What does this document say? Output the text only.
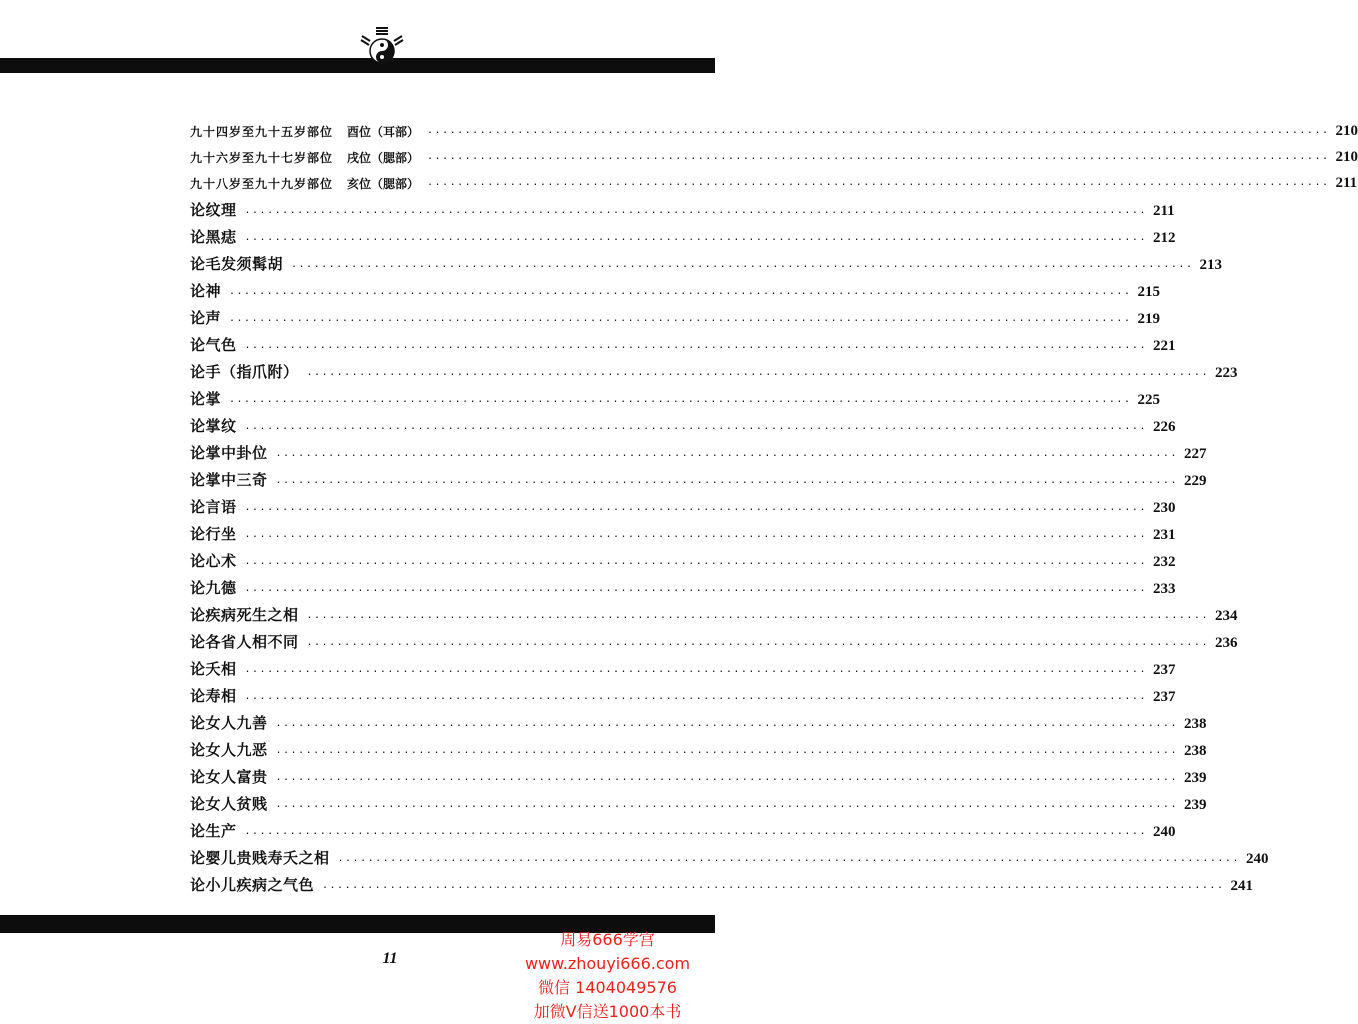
九十四岁至九十五岁部位 酉位（耳部） ........................................................................................................................ 210
九十六岁至九十七岁部位 戌位（腮部） ........................................................................................................................ 210
九十八岁至九十九岁部位 亥位（腮部） ........................................................................................................................ 211
论纹理 ........................................................................................................................ 211
论黑痣 ........................................................................................................................ 212
论毛发须髯胡 ........................................................................................................................ 213
论神 ........................................................................................................................ 215
论声 ........................................................................................................................ 219
论气色 ........................................................................................................................ 221
论手（指爪附） ........................................................................................................................ 223
论掌 ........................................................................................................................ 225
论掌纹 ........................................................................................................................ 226
论掌中卦位 ........................................................................................................................ 227
论掌中三奇 ........................................................................................................................ 229
论言语 ........................................................................................................................ 230
论行坐 ........................................................................................................................ 231
论心术 ........................................................................................................................ 232
论九德 ........................................................................................................................ 233
论疾病死生之相 ........................................................................................................................ 234
论各省人相不同 ........................................................................................................................ 236
论夭相 ........................................................................................................................ 237
论寿相 ........................................................................................................................ 237
论女人九善 ........................................................................................................................ 238
论女人九恶 ........................................................................................................................ 238
论女人富贵 ........................................................................................................................ 239
论女人贫贱 ........................................................................................................................ 239
论生产 ........................................................................................................................ 240
论婴儿贵贱寿夭之相 ........................................................................................................................ 240
论小儿疾病之气色 ........................................................................................................................ 241
11
周易666学宫
www.zhouyi666.com
微信 1404049576
加微V信送1000本书
